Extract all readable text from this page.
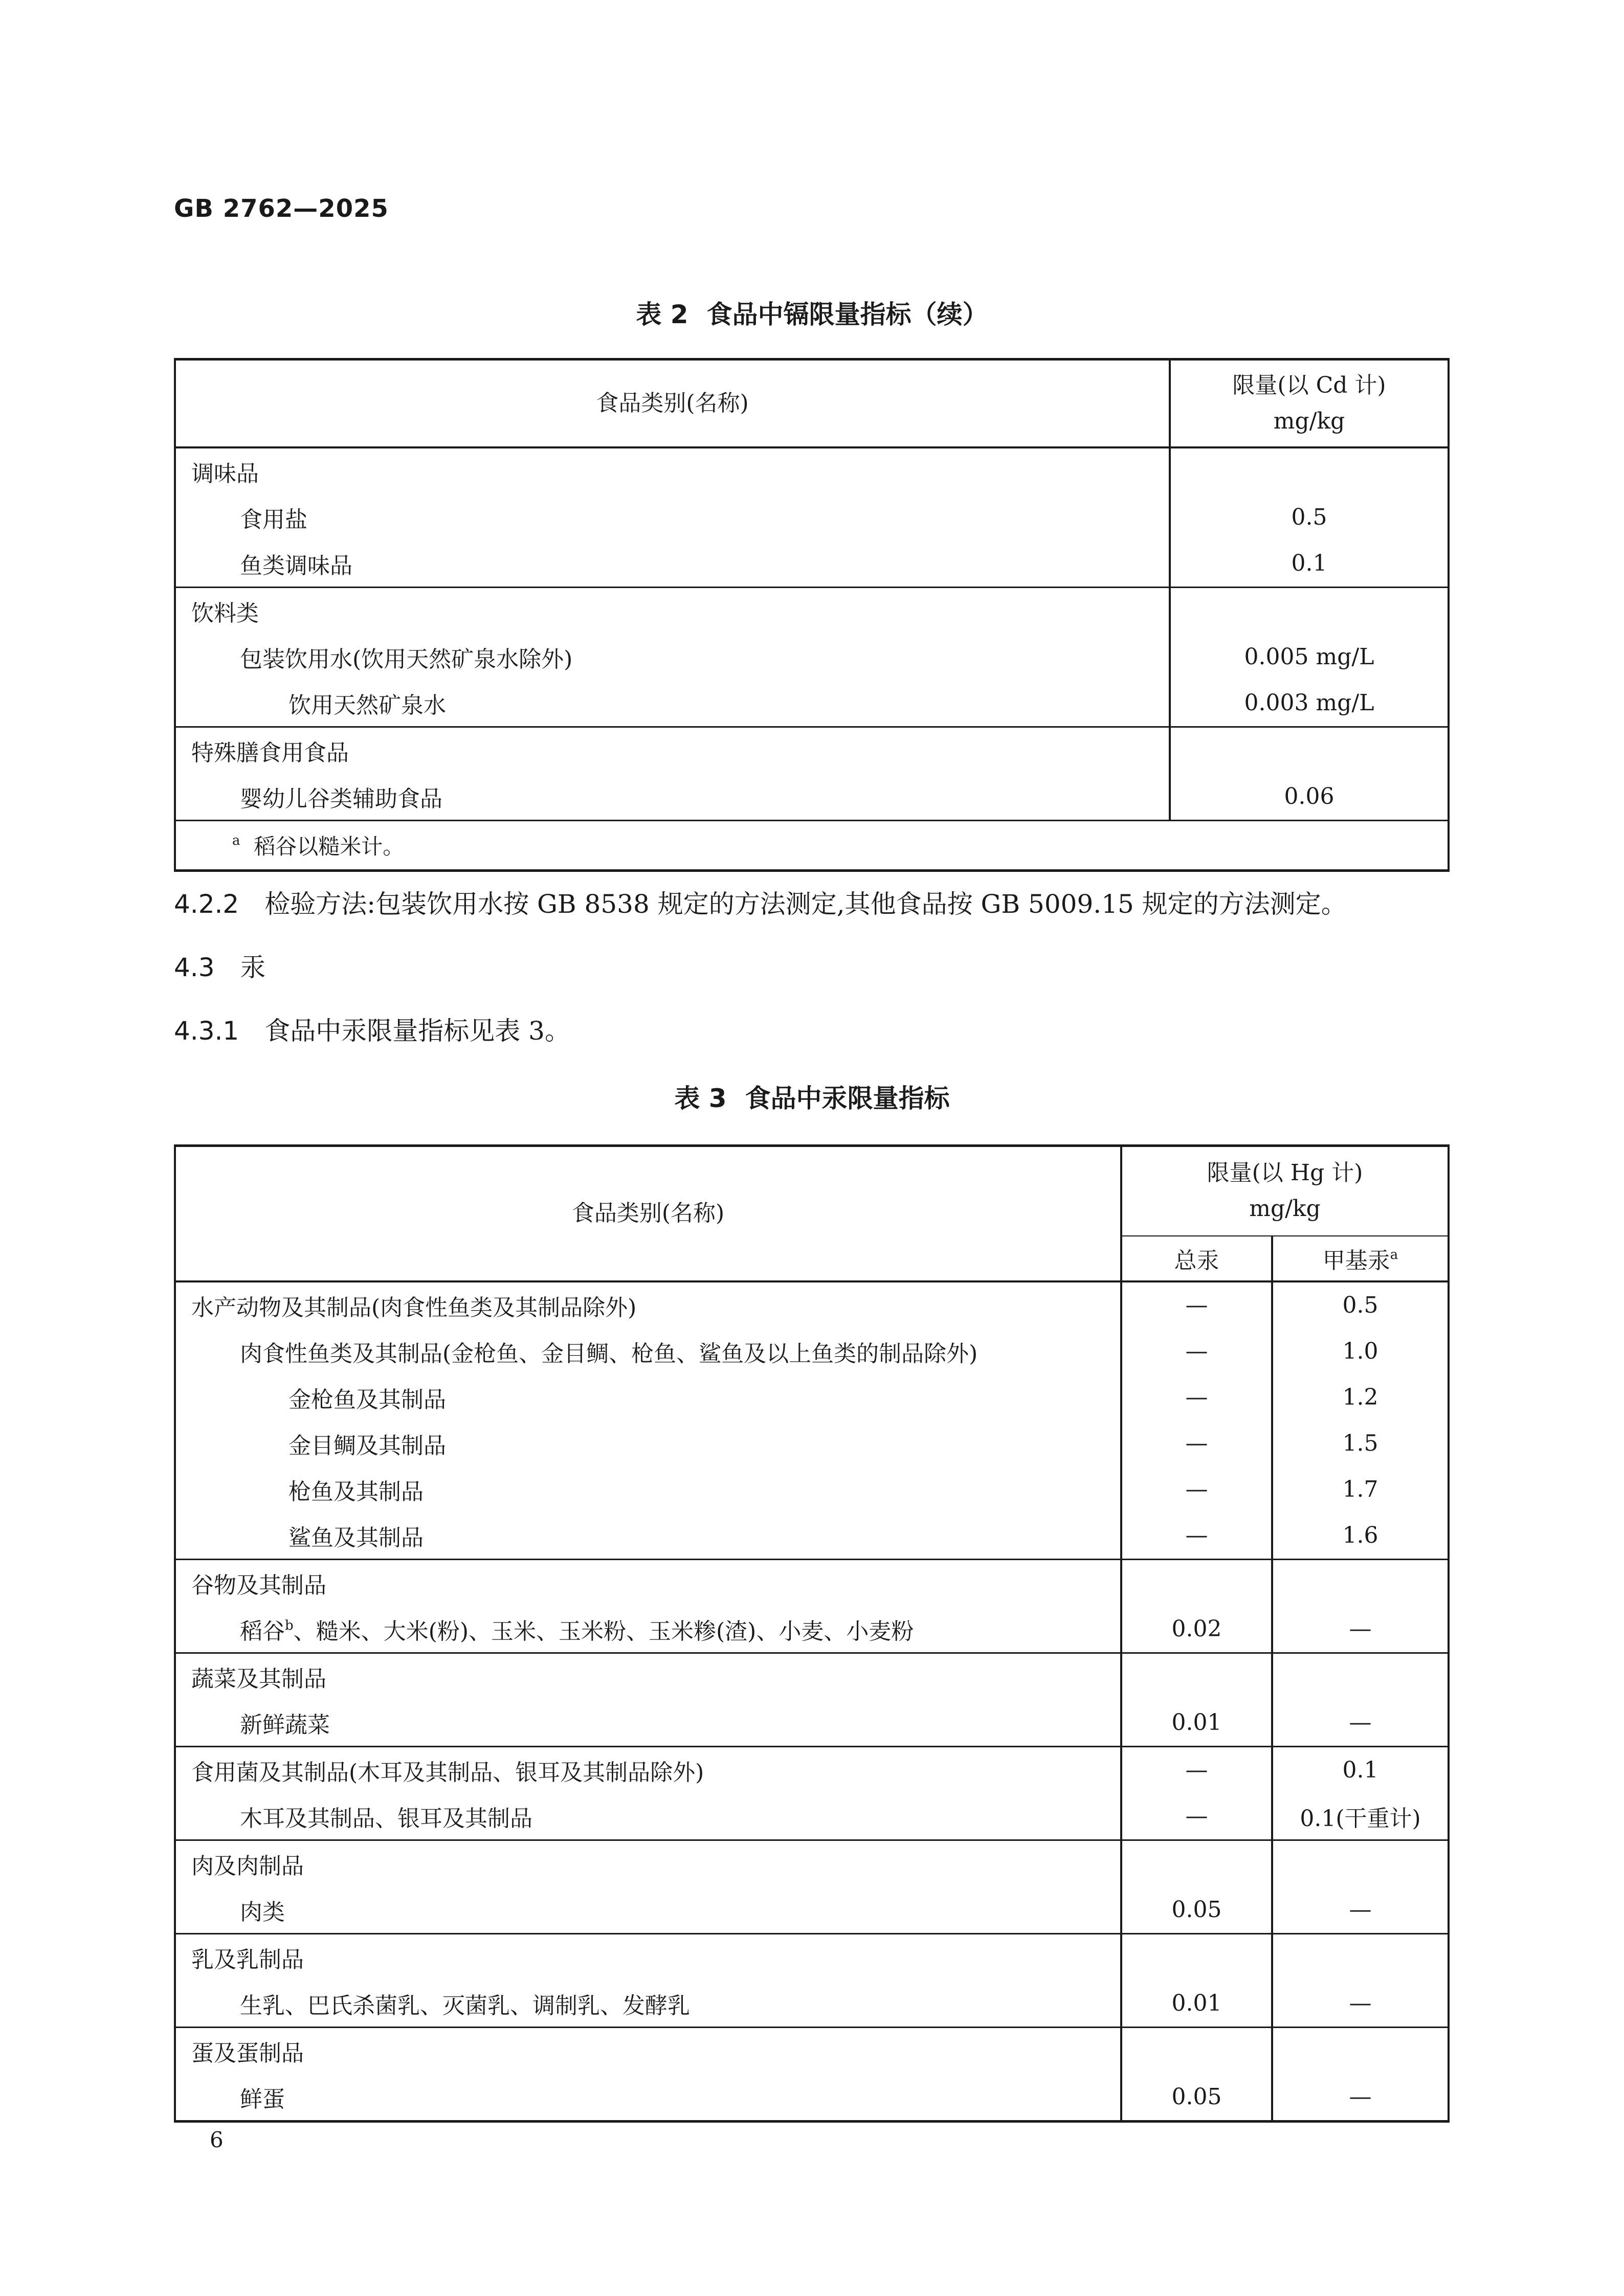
GB 2762—2025
表 2 食品中镉限量指标（续）
食品类别(名称)	限量(以 Cd 计)
mg/kg

调味品	
食用盐	0.5
鱼类调味品	0.1
饮料类	
包装饮用水(饮用天然矿泉水除外)	0.005 mg/L
饮用天然矿泉水	0.003 mg/L
特殊膳食用食品	
婴幼儿谷类辅助食品	0.06
$^a$ 稻谷以糙米计。	
4.2.2 检验方法:包装饮用水按 GB 8538 规定的方法测定,其他食品按 GB 5009.15 规定的方法测定。
4.3 汞
4.3.1 食品中汞限量指标见表 3。
表 3 食品中汞限量指标
食品类别(名称)	限量(以 Hg 计)
mg/kg	

	总汞	甲基汞$^a$
水产动物及其制品(肉食性鱼类及其制品除外)	—	0.5
肉食性鱼类及其制品(金枪鱼、金目鲷、枪鱼、鲨鱼及以上鱼类的制品除外)	—	1.0
金枪鱼及其制品	—	1.2
金目鲷及其制品	—	1.5
枪鱼及其制品	—	1.7
鲨鱼及其制品	—	1.6
谷物及其制品		
稻谷$^b$、糙米、大米(粉)、玉米、玉米粉、玉米糁(渣)、小麦、小麦粉	0.02	—
蔬菜及其制品		
新鲜蔬菜	0.01	—
食用菌及其制品(木耳及其制品、银耳及其制品除外)	—	0.1
木耳及其制品、银耳及其制品	—	0.1(干重计)
肉及肉制品		
肉类	0.05	—
乳及乳制品		
生乳、巴氏杀菌乳、灭菌乳、调制乳、发酵乳	0.01	—
蛋及蛋制品		
鲜蛋	0.05	—
6
